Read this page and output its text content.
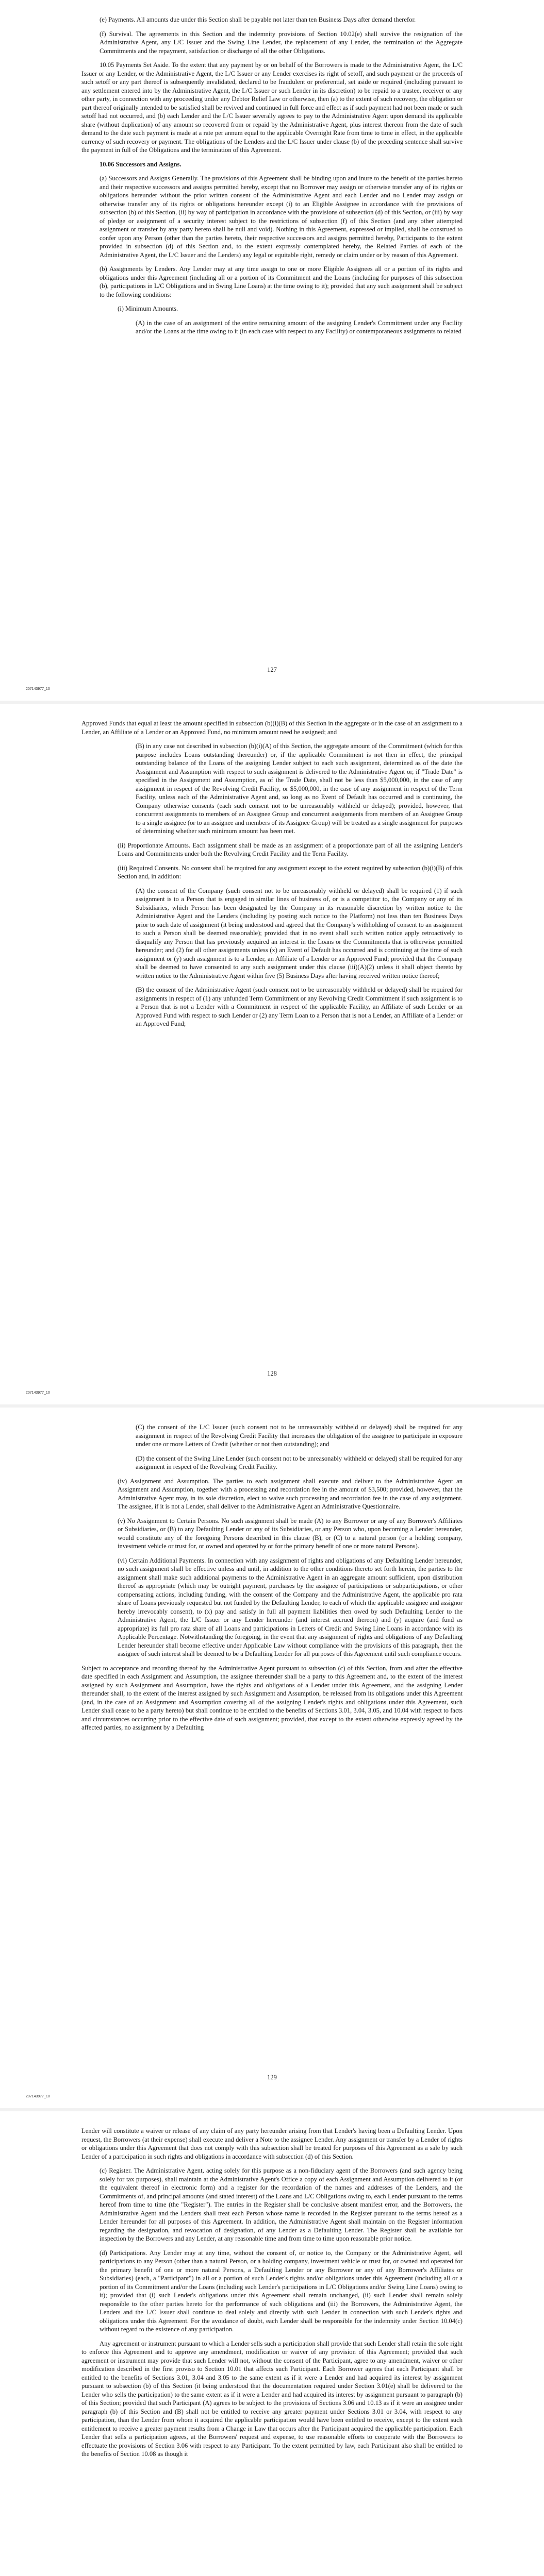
(e) Payments. All amounts due under this Section shall be payable not later than ten Business Days after demand therefor.

(f) Survival. The agreements in this Section and the indemnity provisions of Section 10.02(e) shall survive the resignation of the Administrative Agent, any L/C Issuer and the Swing Line Lender, the replacement of any Lender, the termination of the Aggregate Commitments and the repayment, satisfaction or discharge of all the other Obligations.

10.05 Payments Set Aside. To the extent that any payment by or on behalf of the Borrowers is made to the Administrative Agent, the L/C Issuer or any Lender, or the Administrative Agent, the L/C Issuer or any Lender exercises its right of setoff, and such payment or the proceeds of such setoff or any part thereof is subsequently invalidated, declared to be fraudulent or preferential, set aside or required (including pursuant to any settlement entered into by the Administrative Agent, the L/C Issuer or such Lender in its discretion) to be repaid to a trustee, receiver or any other party, in connection with any proceeding under any Debtor Relief Law or otherwise, then (a) to the extent of such recovery, the obligation or part thereof originally intended to be satisfied shall be revived and continued in full force and effect as if such payment had not been made or such setoff had not occurred, and (b) each Lender and the L/C Issuer severally agrees to pay to the Administrative Agent upon demand its applicable share (without duplication) of any amount so recovered from or repaid by the Administrative Agent, plus interest thereon from the date of such demand to the date such payment is made at a rate per annum equal to the applicable Overnight Rate from time to time in effect, in the applicable currency of such recovery or payment. The obligations of the Lenders and the L/C Issuer under clause (b) of the preceding sentence shall survive the payment in full of the Obligations and the termination of this Agreement.

10.06 Successors and Assigns.

(a) Successors and Assigns Generally. The provisions of this Agreement shall be binding upon and inure to the benefit of the parties hereto and their respective successors and assigns permitted hereby, except that no Borrower may assign or otherwise transfer any of its rights or obligations hereunder without the prior written consent of the Administrative Agent and each Lender and no Lender may assign or otherwise transfer any of its rights or obligations hereunder except (i) to an Eligible Assignee in accordance with the provisions of subsection (b) of this Section, (ii) by way of participation in accordance with the provisions of subsection (d) of this Section, or (iii) by way of pledge or assignment of a security interest subject to the restrictions of subsection (f) of this Section (and any other attempted assignment or transfer by any party hereto shall be null and void). Nothing in this Agreement, expressed or implied, shall be construed to confer upon any Person (other than the parties hereto, their respective successors and assigns permitted hereby, Participants to the extent provided in subsection (d) of this Section and, to the extent expressly contemplated hereby, the Related Parties of each of the Administrative Agent, the L/C Issuer and the Lenders) any legal or equitable right, remedy or claim under or by reason of this Agreement.

(b) Assignments by Lenders. Any Lender may at any time assign to one or more Eligible Assignees all or a portion of its rights and obligations under this Agreement (including all or a portion of its Commitment and the Loans (including for purposes of this subsection (b), participations in L/C Obligations and in Swing Line Loans) at the time owing to it); provided that any such assignment shall be subject to the following conditions:

(i) Minimum Amounts.

(A) in the case of an assignment of the entire remaining amount of the assigning Lender's Commitment under any Facility and/or the Loans at the time owing to it (in each case with respect to any Facility) or contemporaneous assignments to related

127
207143977_10

Approved Funds that equal at least the amount specified in subsection (b)(i)(B) of this Section in the aggregate or in the case of an assignment to a Lender, an Affiliate of a Lender or an Approved Fund, no minimum amount need be assigned; and

(B) in any case not described in subsection (b)(i)(A) of this Section, the aggregate amount of the Commitment (which for this purpose includes Loans outstanding thereunder) or, if the applicable Commitment is not then in effect, the principal outstanding balance of the Loans of the assigning Lender subject to each such assignment, determined as of the date the Assignment and Assumption with respect to such assignment is delivered to the Administrative Agent or, if "Trade Date" is specified in the Assignment and Assumption, as of the Trade Date, shall not be less than $5,000,000, in the case of any assignment in respect of the Revolving Credit Facility, or $5,000,000, in the case of any assignment in respect of the Term Facility, unless each of the Administrative Agent and, so long as no Event of Default has occurred and is continuing, the Company otherwise consents (each such consent not to be unreasonably withheld or delayed); provided, however, that concurrent assignments to members of an Assignee Group and concurrent assignments from members of an Assignee Group to a single assignee (or to an assignee and members of its Assignee Group) will be treated as a single assignment for purposes of determining whether such minimum amount has been met.

(ii) Proportionate Amounts. Each assignment shall be made as an assignment of a proportionate part of all the assigning Lender's Loans and Commitments under both the Revolving Credit Facility and the Term Facility.

(iii) Required Consents. No consent shall be required for any assignment except to the extent required by subsection (b)(i)(B) of this Section and, in addition:

(A) the consent of the Company (such consent not to be unreasonably withheld or delayed) shall be required (1) if such assignment is to a Person that is engaged in similar lines of business of, or is a competitor to, the Company or any of its Subsidiaries, which Person has been designated by the Company in its reasonable discretion by written notice to the Administrative Agent and the Lenders (including by posting such notice to the Platform) not less than ten Business Days prior to such date of assignment (it being understood and agreed that the Company's withholding of consent to an assignment to such a Person shall be deemed reasonable); provided that in no event shall such written notice apply retroactively to disqualify any Person that has previously acquired an interest in the Loans or the Commitments that is otherwise permitted hereunder; and (2) for all other assignments unless (x) an Event of Default has occurred and is continuing at the time of such assignment or (y) such assignment is to a Lender, an Affiliate of a Lender or an Approved Fund; provided that the Company shall be deemed to have consented to any such assignment under this clause (iii)(A)(2) unless it shall object thereto by written notice to the Administrative Agent within five (5) Business Days after having received written notice thereof;

(B) the consent of the Administrative Agent (such consent not to be unreasonably withheld or delayed) shall be required for assignments in respect of (1) any unfunded Term Commitment or any Revolving Credit Commitment if such assignment is to a Person that is not a Lender with a Commitment in respect of the applicable Facility, an Affiliate of such Lender or an Approved Fund with respect to such Lender or (2) any Term Loan to a Person that is not a Lender, an Affiliate of a Lender or an Approved Fund;

128
207143977_10

(C) the consent of the L/C Issuer (such consent not to be unreasonably withheld or delayed) shall be required for any assignment in respect of the Revolving Credit Facility that increases the obligation of the assignee to participate in exposure under one or more Letters of Credit (whether or not then outstanding); and

(D) the consent of the Swing Line Lender (such consent not to be unreasonably withheld or delayed) shall be required for any assignment in respect of the Revolving Credit Facility.

(iv) Assignment and Assumption. The parties to each assignment shall execute and deliver to the Administrative Agent an Assignment and Assumption, together with a processing and recordation fee in the amount of $3,500; provided, however, that the Administrative Agent may, in its sole discretion, elect to waive such processing and recordation fee in the case of any assignment. The assignee, if it is not a Lender, shall deliver to the Administrative Agent an Administrative Questionnaire.

(v) No Assignment to Certain Persons. No such assignment shall be made (A) to any Borrower or any of any Borrower's Affiliates or Subsidiaries, or (B) to any Defaulting Lender or any of its Subsidiaries, or any Person who, upon becoming a Lender hereunder, would constitute any of the foregoing Persons described in this clause (B), or (C) to a natural person (or a holding company, investment vehicle or trust for, or owned and operated by or for the primary benefit of one or more natural Persons).

(vi) Certain Additional Payments. In connection with any assignment of rights and obligations of any Defaulting Lender hereunder, no such assignment shall be effective unless and until, in addition to the other conditions thereto set forth herein, the parties to the assignment shall make such additional payments to the Administrative Agent in an aggregate amount sufficient, upon distribution thereof as appropriate (which may be outright payment, purchases by the assignee of participations or subparticipations, or other compensating actions, including funding, with the consent of the Company and the Administrative Agent, the applicable pro rata share of Loans previously requested but not funded by the Defaulting Lender, to each of which the applicable assignee and assignor hereby irrevocably consent), to (x) pay and satisfy in full all payment liabilities then owed by such Defaulting Lender to the Administrative Agent, the L/C Issuer or any Lender hereunder (and interest accrued thereon) and (y) acquire (and fund as appropriate) its full pro rata share of all Loans and participations in Letters of Credit and Swing Line Loans in accordance with its Applicable Percentage. Notwithstanding the foregoing, in the event that any assignment of rights and obligations of any Defaulting Lender hereunder shall become effective under Applicable Law without compliance with the provisions of this paragraph, then the assignee of such interest shall be deemed to be a Defaulting Lender for all purposes of this Agreement until such compliance occurs.

Subject to acceptance and recording thereof by the Administrative Agent pursuant to subsection (c) of this Section, from and after the effective date specified in each Assignment and Assumption, the assignee thereunder shall be a party to this Agreement and, to the extent of the interest assigned by such Assignment and Assumption, have the rights and obligations of a Lender under this Agreement, and the assigning Lender thereunder shall, to the extent of the interest assigned by such Assignment and Assumption, be released from its obligations under this Agreement (and, in the case of an Assignment and Assumption covering all of the assigning Lender's rights and obligations under this Agreement, such Lender shall cease to be a party hereto) but shall continue to be entitled to the benefits of Sections 3.01, 3.04, 3.05, and 10.04 with respect to facts and circumstances occurring prior to the effective date of such assignment; provided, that except to the extent otherwise expressly agreed by the affected parties, no assignment by a Defaulting

129
207143977_10

Lender will constitute a waiver or release of any claim of any party hereunder arising from that Lender's having been a Defaulting Lender. Upon request, the Borrowers (at their expense) shall execute and deliver a Note to the assignee Lender. Any assignment or transfer by a Lender of rights or obligations under this Agreement that does not comply with this subsection shall be treated for purposes of this Agreement as a sale by such Lender of a participation in such rights and obligations in accordance with subsection (d) of this Section.

(c) Register. The Administrative Agent, acting solely for this purpose as a non-fiduciary agent of the Borrowers (and such agency being solely for tax purposes), shall maintain at the Administrative Agent's Office a copy of each Assignment and Assumption delivered to it (or the equivalent thereof in electronic form) and a register for the recordation of the names and addresses of the Lenders, and the Commitments of, and principal amounts (and stated interest) of the Loans and L/C Obligations owing to, each Lender pursuant to the terms hereof from time to time (the "Register"). The entries in the Register shall be conclusive absent manifest error, and the Borrowers, the Administrative Agent and the Lenders shall treat each Person whose name is recorded in the Register pursuant to the terms hereof as a Lender hereunder for all purposes of this Agreement. In addition, the Administrative Agent shall maintain on the Register information regarding the designation, and revocation of designation, of any Lender as a Defaulting Lender. The Register shall be available for inspection by the Borrowers and any Lender, at any reasonable time and from time to time upon reasonable prior notice.

(d) Participations. Any Lender may at any time, without the consent of, or notice to, the Company or the Administrative Agent, sell participations to any Person (other than a natural Person, or a holding company, investment vehicle or trust for, or owned and operated for the primary benefit of one or more natural Persons, a Defaulting Lender or any Borrower or any of any Borrower's Affiliates or Subsidiaries) (each, a "Participant") in all or a portion of such Lender's rights and/or obligations under this Agreement (including all or a portion of its Commitment and/or the Loans (including such Lender's participations in L/C Obligations and/or Swing Line Loans) owing to it); provided that (i) such Lender's obligations under this Agreement shall remain unchanged, (ii) such Lender shall remain solely responsible to the other parties hereto for the performance of such obligations and (iii) the Borrowers, the Administrative Agent, the Lenders and the L/C Issuer shall continue to deal solely and directly with such Lender in connection with such Lender's rights and obligations under this Agreement. For the avoidance of doubt, each Lender shall be responsible for the indemnity under Section 10.04(c) without regard to the existence of any participation.

Any agreement or instrument pursuant to which a Lender sells such a participation shall provide that such Lender shall retain the sole right to enforce this Agreement and to approve any amendment, modification or waiver of any provision of this Agreement; provided that such agreement or instrument may provide that such Lender will not, without the consent of the Participant, agree to any amendment, waiver or other modification described in the first proviso to Section 10.01 that affects such Participant. Each Borrower agrees that each Participant shall be entitled to the benefits of Sections 3.01, 3.04 and 3.05 to the same extent as if it were a Lender and had acquired its interest by assignment pursuant to subsection (b) of this Section (it being understood that the documentation required under Section 3.01(e) shall be delivered to the Lender who sells the participation) to the same extent as if it were a Lender and had acquired its interest by assignment pursuant to paragraph (b) of this Section; provided that such Participant (A) agrees to be subject to the provisions of Sections 3.06 and 10.13 as if it were an assignee under paragraph (b) of this Section and (B) shall not be entitled to receive any greater payment under Sections 3.01 or 3.04, with respect to any participation, than the Lender from whom it acquired the applicable participation would have been entitled to receive, except to the extent such entitlement to receive a greater payment results from a Change in Law that occurs after the Participant acquired the applicable participation. Each Lender that sells a participation agrees, at the Borrowers' request and expense, to use reasonable efforts to cooperate with the Borrowers to effectuate the provisions of Section 3.06 with respect to any Participant. To the extent permitted by law, each Participant also shall be entitled to the benefits of Section 10.08 as though it
